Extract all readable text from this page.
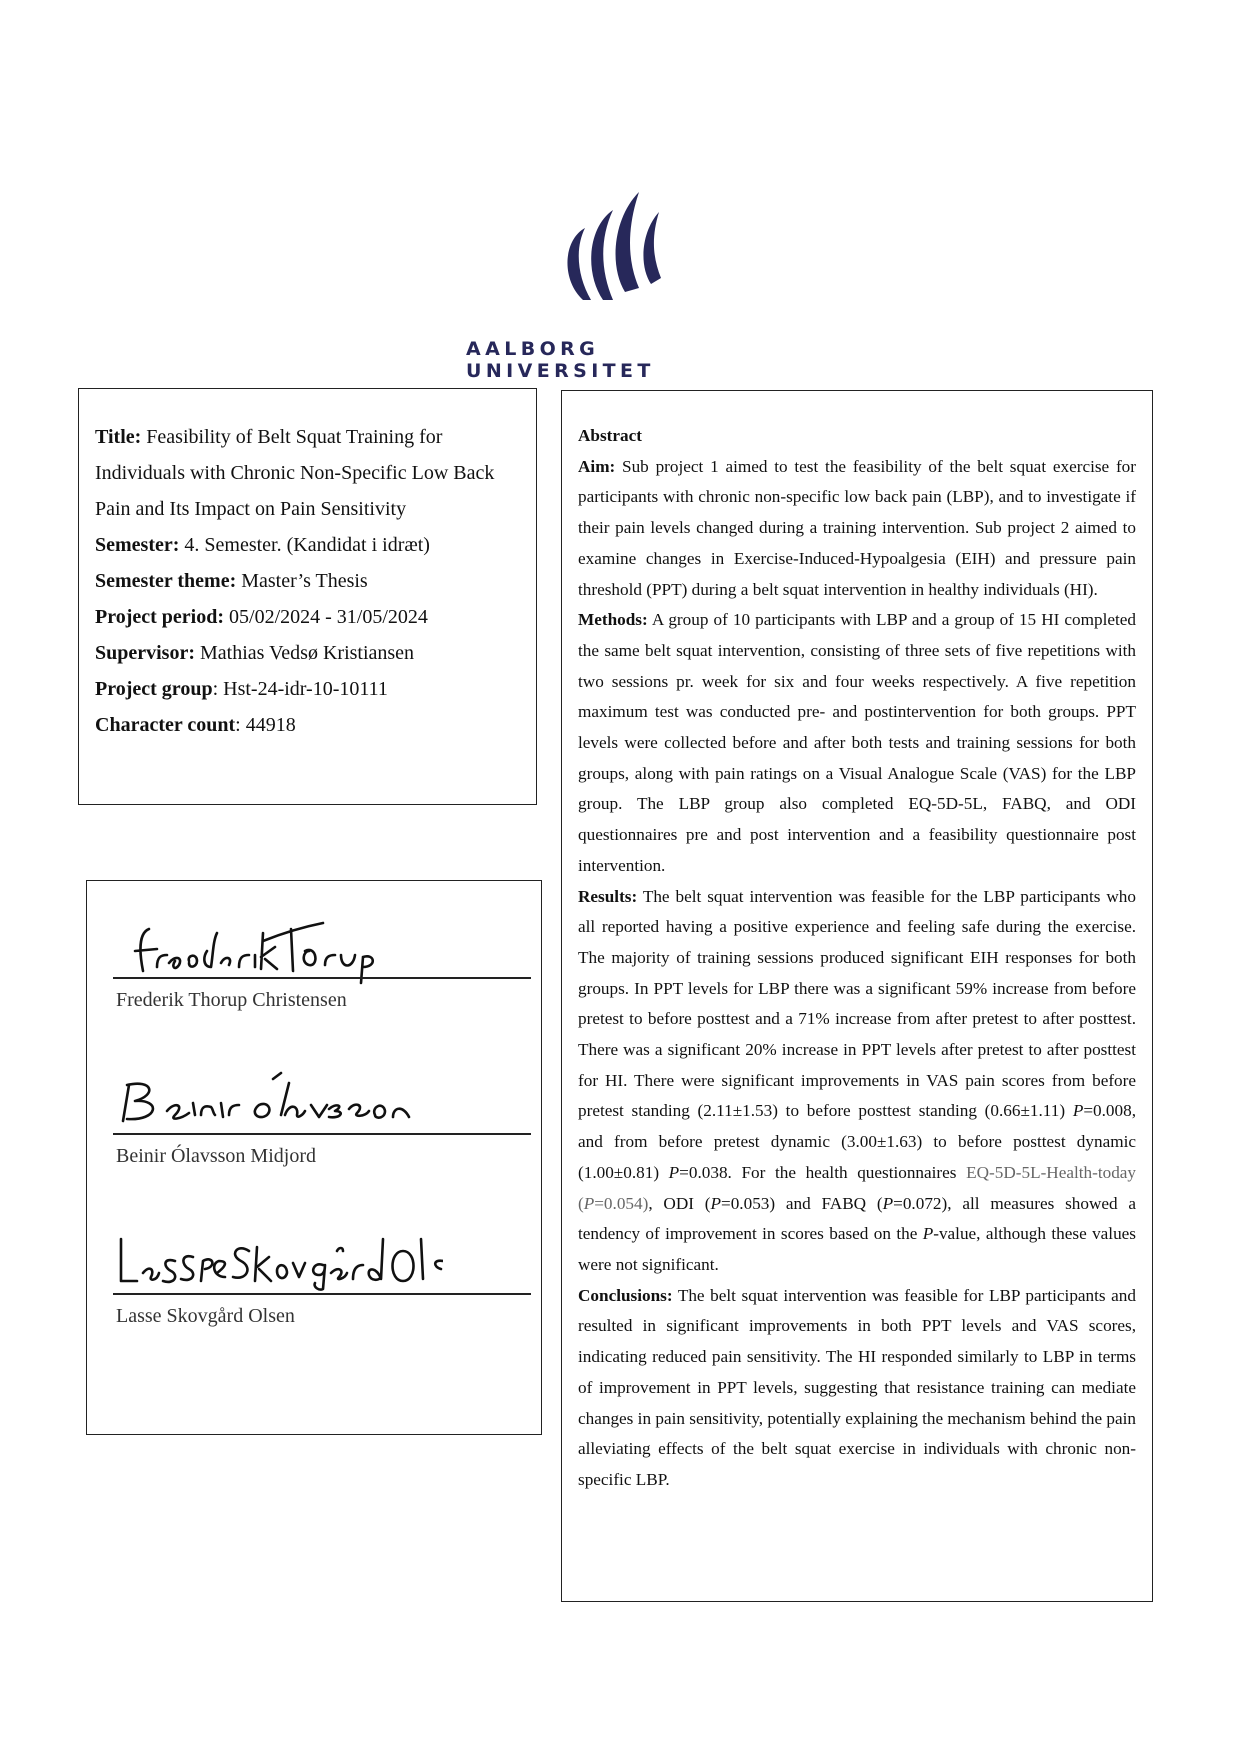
AALBORG UNIVERSITET
Title: Feasibility of Belt Squat Training for Individuals with Chronic Non-Specific Low Back Pain and Its Impact on Pain Sensitivity
Semester: 4. Semester. (Kandidat i idræt)
Semester theme: Master’s Thesis
Project period: 05/02/2024 - 31/05/2024
Supervisor: Mathias Vedsø Kristiansen
Project group: Hst-24-idr-10-10111
Character count: 44918
Frederik Thorup Christensen
Beinir Ólavsson Midjord
Lasse Skovgård Olsen
Abstract
Aim: Sub project 1 aimed to test the feasibility of the belt squat exercise for participants with chronic non-specific low back pain (LBP), and to investigate if their pain levels changed during a training intervention. Sub project 2 aimed to examine changes in Exercise-Induced-Hypoalgesia (EIH) and pressure pain threshold (PPT) during a belt squat intervention in healthy individuals (HI).
Methods: A group of 10 participants with LBP and a group of 15 HI completed the same belt squat intervention, consisting of three sets of five repetitions with two sessions pr. week for six and four weeks respectively. A five repetition maximum test was conducted pre- and postintervention for both groups. PPT levels were collected before and after both tests and training sessions for both groups, along with pain ratings on a Visual Analogue Scale (VAS) for the LBP group. The LBP group also completed EQ-5D-5L, FABQ, and ODI questionnaires pre and post intervention and a feasibility questionnaire post intervention.
Results: The belt squat intervention was feasible for the LBP participants who all reported having a positive experience and feeling safe during the exercise. The majority of training sessions produced significant EIH responses for both groups. In PPT levels for LBP there was a significant 59% increase from before pretest to before posttest and a 71% increase from after pretest to after posttest. There was a significant 20% increase in PPT levels after pretest to after posttest for HI. There were significant improvements in VAS pain scores from before pretest standing (2.11±1.53) to before posttest standing (0.66±1.11) P=0.008, and from before pretest dynamic (3.00±1.63) to before posttest dynamic (1.00±0.81) P=0.038. For the health questionnaires EQ-5D-5L-Health-today (P=0.054), ODI (P=0.053) and FABQ (P=0.072), all measures showed a tendency of improvement in scores based on the P-value, although these values were not significant.
Conclusions: The belt squat intervention was feasible for LBP participants and resulted in significant improvements in both PPT levels and VAS scores, indicating reduced pain sensitivity. The HI responded similarly to LBP in terms of improvement in PPT levels, suggesting that resistance training can mediate changes in pain sensitivity, potentially explaining the mechanism behind the pain alleviating effects of the belt squat exercise in individuals with chronic non-specific LBP.
